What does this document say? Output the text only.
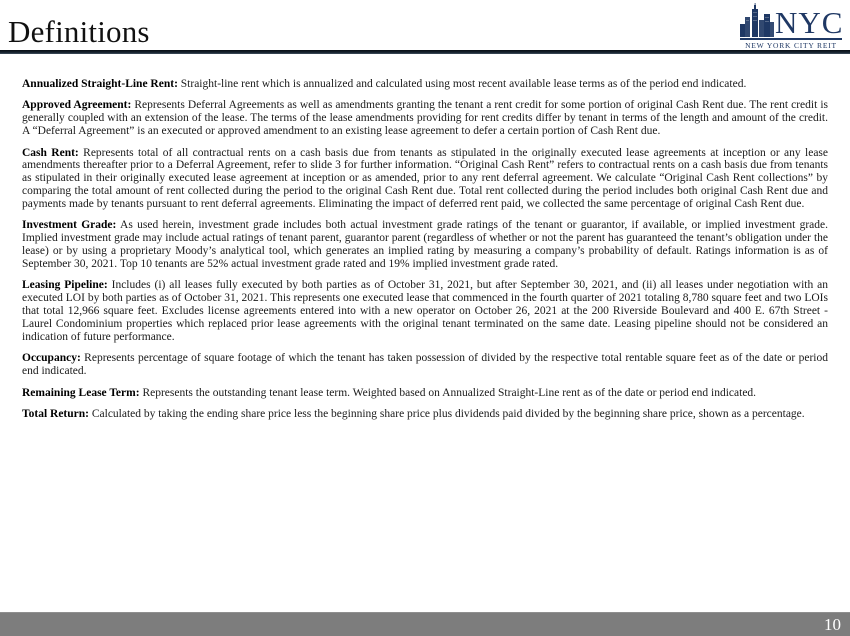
Definitions	NYC
NEW YORK CITY REIT

Annualized Straight-Line Rent: Straight-line rent which is annualized and calculated using most recent available lease terms as of the period end indicated.

Approved Agreement: Represents Deferral Agreements as well as amendments granting the tenant a rent credit for some portion of original Cash Rent due. The rent credit is generally coupled with an extension of the lease. The terms of the lease amendments providing for rent credits differ by tenant in terms of the length and amount of the credit. A “Deferral Agreement” is an executed or approved amendment to an existing lease agreement to defer a certain portion of Cash Rent due.

Cash Rent: Represents total of all contractual rents on a cash basis due from tenants as stipulated in the originally executed lease agreements at inception or any lease amendments thereafter prior to a Deferral Agreement, refer to slide 3 for further information. “Original Cash Rent” refers to contractual rents on a cash basis due from tenants as stipulated in their originally executed lease agreement at inception or as amended, prior to any rent deferral agreement. We calculate “Original Cash Rent collections” by comparing the total amount of rent collected during the period to the original Cash Rent due. Total rent collected during the period includes both original Cash Rent due and payments made by tenants pursuant to rent deferral agreements. Eliminating the impact of deferred rent paid, we collected the same percentage of original Cash Rent due.

Investment Grade: As used herein, investment grade includes both actual investment grade ratings of the tenant or guarantor, if available, or implied investment grade. Implied investment grade may include actual ratings of tenant parent, guarantor parent (regardless of whether or not the parent has guaranteed the tenant’s obligation under the lease) or by using a proprietary Moody’s analytical tool, which generates an implied rating by measuring a company’s probability of default. Ratings information is as of September 30, 2021. Top 10 tenants are 52% actual investment grade rated and 19% implied investment grade rated.

Leasing Pipeline: Includes (i) all leases fully executed by both parties as of October 31, 2021, but after September 30, 2021, and (ii) all leases under negotiation with an executed LOI by both parties as of October 31, 2021. This represents one executed lease that commenced in the fourth quarter of 2021 totaling 8,780 square feet and two LOIs that total 12,966 square feet. Excludes license agreements entered into with a new operator on October 26, 2021 at the 200 Riverside Boulevard and 400 E. 67th Street - Laurel Condominium properties which replaced prior lease agreements with the original tenant terminated on the same date. Leasing pipeline should not be considered an indication of future performance.

Occupancy: Represents percentage of square footage of which the tenant has taken possession of divided by the respective total rentable square feet as of the date or period end indicated.

Remaining Lease Term: Represents the outstanding tenant lease term. Weighted based on Annualized Straight-Line rent as of the date or period end indicated.

Total Return: Calculated by taking the ending share price less the beginning share price plus dividends paid divided by the beginning share price, shown as a percentage.

10
